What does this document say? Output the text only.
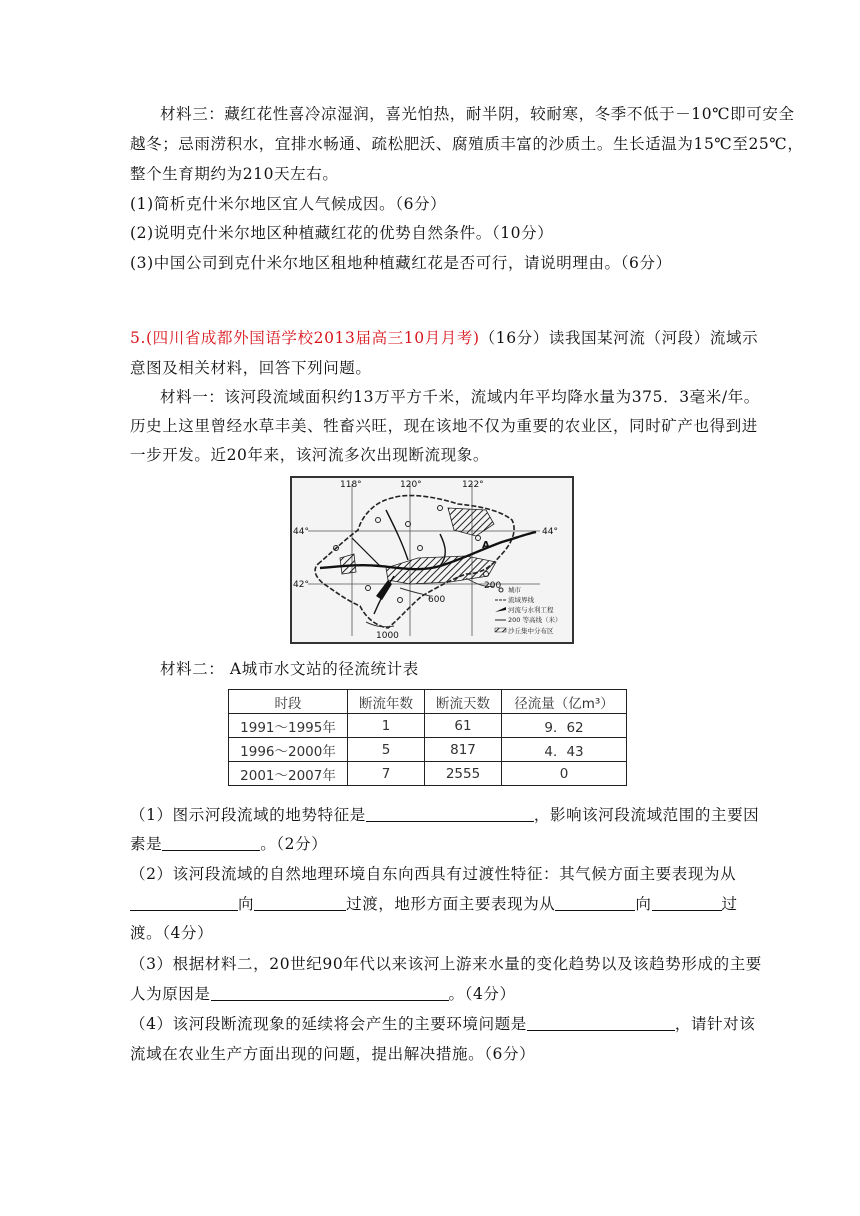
材料三：藏红花性喜冷凉湿润，喜光怕热，耐半阴，较耐寒，冬季不低于－10℃即可安全
越冬；忌雨涝积水，宜排水畅通、疏松肥沃、腐殖质丰富的沙质土。生长适温为15℃至25℃，
整个生育期约为210天左右。
(1)简析克什米尔地区宜人气候成因。（6分）
(2)说明克什米尔地区种植藏红花的优势自然条件。（10分）
(3)中国公司到克什米尔地区租地种植藏红花是否可行，请说明理由。（6分）
5.(四川省成都外国语学校2013届高三10月月考)（16分）读我国某河流（河段）流域示
意图及相关材料，回答下列问题。
材料一：该河段流域面积约13万平方千米，流域内年平均降水量为375．3毫米/年。
历史上这里曾经水草丰美、牲畜兴旺，现在该地不仅为重要的农业区，同时矿产也得到进
一步开发。近20年来，该河流多次出现断流现象。
118°	120°	122°
44°	44°
42°
A
200
600
1000
城市
流域界线
河流与水利工程
200 等高线（米）
沙丘集中分布区
材料二： A城市水文站的径流统计表
时段	断流年数	断流天数	径流量（亿m³）
1991～1995年	1	61	9．62
1996～2000年	5	817	4．43
2001～2007年	7	2555	0
（1）图示河段流域的地势特征是	，影响该河段流域范围的主要因
素是	。（2分）
（2）该河段流域的自然地理环境自东向西具有过渡性特征：其气候方面主要表现为从
向	过渡，地形方面主要表现为从	向	过
渡。（4分）
（3）根据材料二，20世纪90年代以来该河上游来水量的变化趋势以及该趋势形成的主要
人为原因是	。（4分）
（4）该河段断流现象的延续将会产生的主要环境问题是	，请针对该
流域在农业生产方面出现的问题，提出解决措施。（6分）
